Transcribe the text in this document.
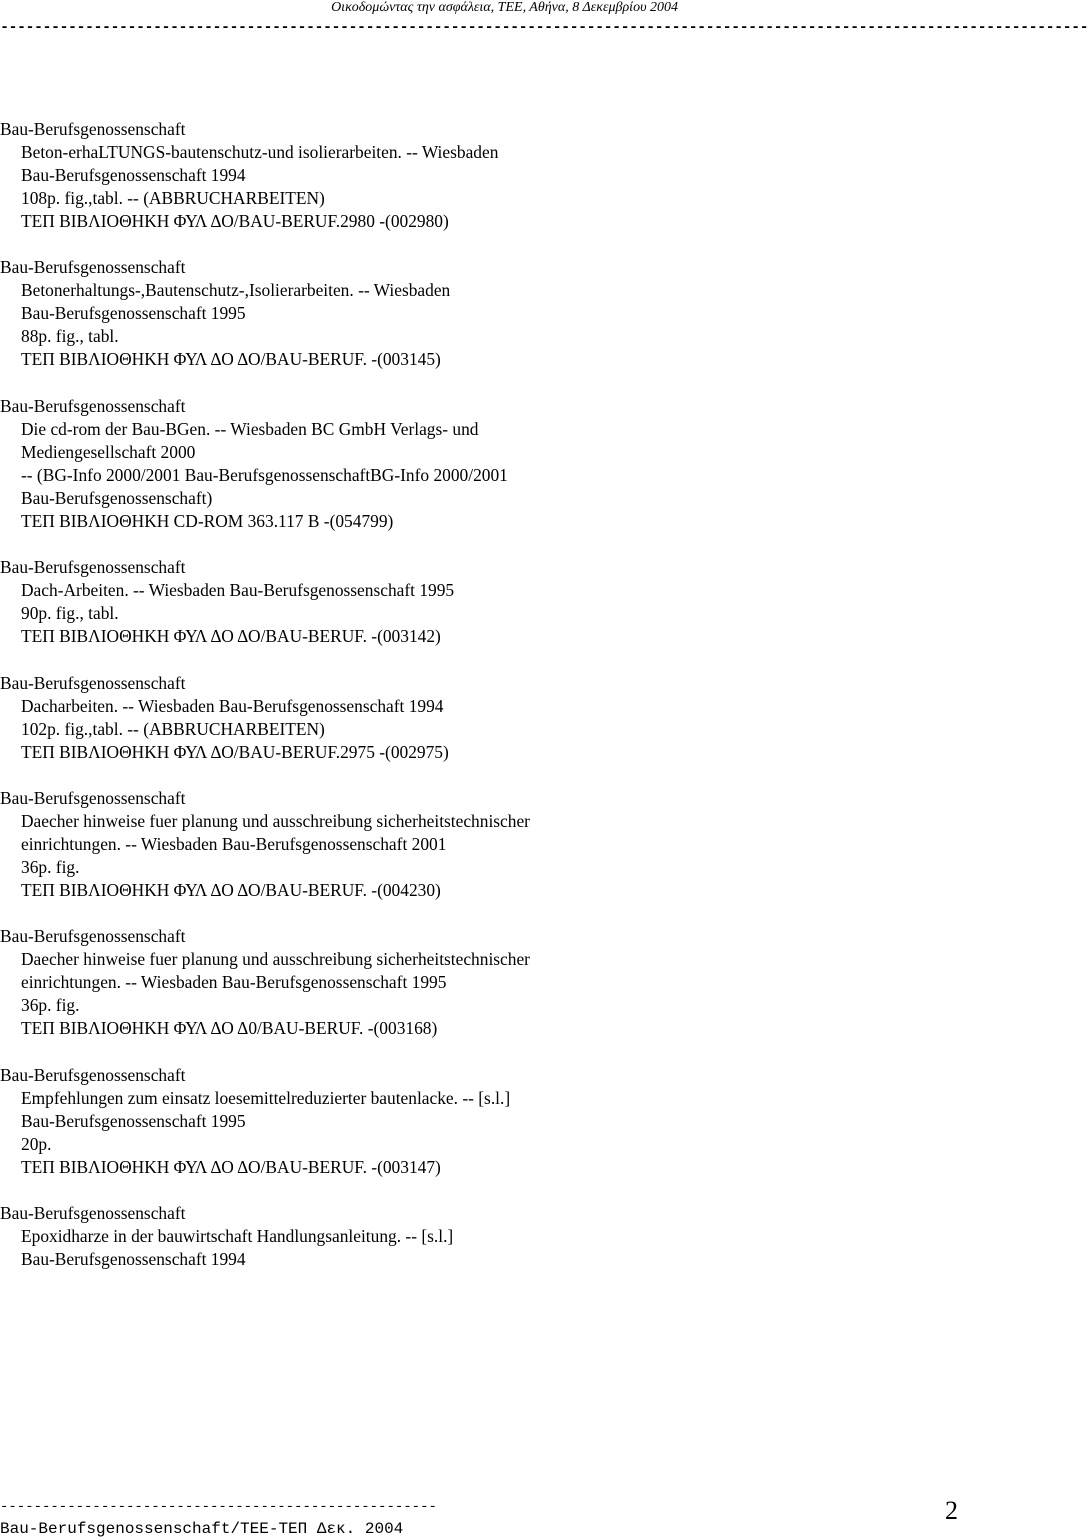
Οικοδομώντας την ασφάλεια, ΤΕΕ, Αθήνα, 8 Δεκεμβρίου 2004
--------------------------------------------------------------------------------------------------------------------------------
Bau-Berufsgenossenschaft
Beton-erhaLTUNGS-bautenschutz-und isolierarbeiten. -- Wiesbaden
Bau-Berufsgenossenschaft 1994
108p. fig.,tabl. -- (ABBRUCHARBEITEN)
ΤΕΠ ΒΙΒΛΙΟΘΗΚΗ ΦΥΛ ΔΟ/BAU-BERUF.2980 -(002980)
Bau-Berufsgenossenschaft
Betonerhaltungs-,Bautenschutz-,Isolierarbeiten. -- Wiesbaden
Bau-Berufsgenossenschaft 1995
88p. fig., tabl.
ΤΕΠ ΒΙΒΛΙΟΘΗΚΗ ΦΥΛ ΔΟ ΔΟ/BAU-BERUF. -(003145)
Bau-Berufsgenossenschaft
Die cd-rom der Bau-BGen. -- Wiesbaden BC GmbH Verlags- und
Mediengesellschaft 2000
-- (BG-Info 2000/2001 Bau-BerufsgenossenschaftBG-Info 2000/2001
Bau-Berufsgenossenschaft)
ΤΕΠ ΒΙΒΛΙΟΘΗΚΗ CD-ROM 363.117 B -(054799)
Bau-Berufsgenossenschaft
Dach-Arbeiten. -- Wiesbaden Bau-Berufsgenossenschaft 1995
90p. fig., tabl.
ΤΕΠ ΒΙΒΛΙΟΘΗΚΗ ΦΥΛ ΔΟ ΔΟ/BAU-BERUF. -(003142)
Bau-Berufsgenossenschaft
Dacharbeiten. -- Wiesbaden Bau-Berufsgenossenschaft 1994
102p. fig.,tabl. -- (ABBRUCHARBEITEN)
ΤΕΠ ΒΙΒΛΙΟΘΗΚΗ ΦΥΛ ΔΟ/BAU-BERUF.2975 -(002975)
Bau-Berufsgenossenschaft
Daecher hinweise fuer planung und ausschreibung sicherheitstechnischer
einrichtungen. -- Wiesbaden Bau-Berufsgenossenschaft 2001
36p. fig.
ΤΕΠ ΒΙΒΛΙΟΘΗΚΗ ΦΥΛ ΔΟ ΔΟ/BAU-BERUF. -(004230)
Bau-Berufsgenossenschaft
Daecher hinweise fuer planung und ausschreibung sicherheitstechnischer
einrichtungen. -- Wiesbaden Bau-Berufsgenossenschaft 1995
36p. fig.
ΤΕΠ ΒΙΒΛΙΟΘΗΚΗ ΦΥΛ ΔΟ Δ0/BAU-BERUF. -(003168)
Bau-Berufsgenossenschaft
Empfehlungen zum einsatz loesemittelreduzierter bautenlacke. -- [s.l.]
Bau-Berufsgenossenschaft 1995
20p.
ΤΕΠ ΒΙΒΛΙΟΘΗΚΗ ΦΥΛ ΔΟ ΔΟ/BAU-BERUF. -(003147)
Bau-Berufsgenossenschaft
Epoxidharze in der bauwirtschaft Handlungsanleitung. -- [s.l.]
Bau-Berufsgenossenschaft 1994
----------------------------------------------------
Bau-Berufsgenossenschaft/TEE-ΤΕΠ Δεκ. 2004
2
